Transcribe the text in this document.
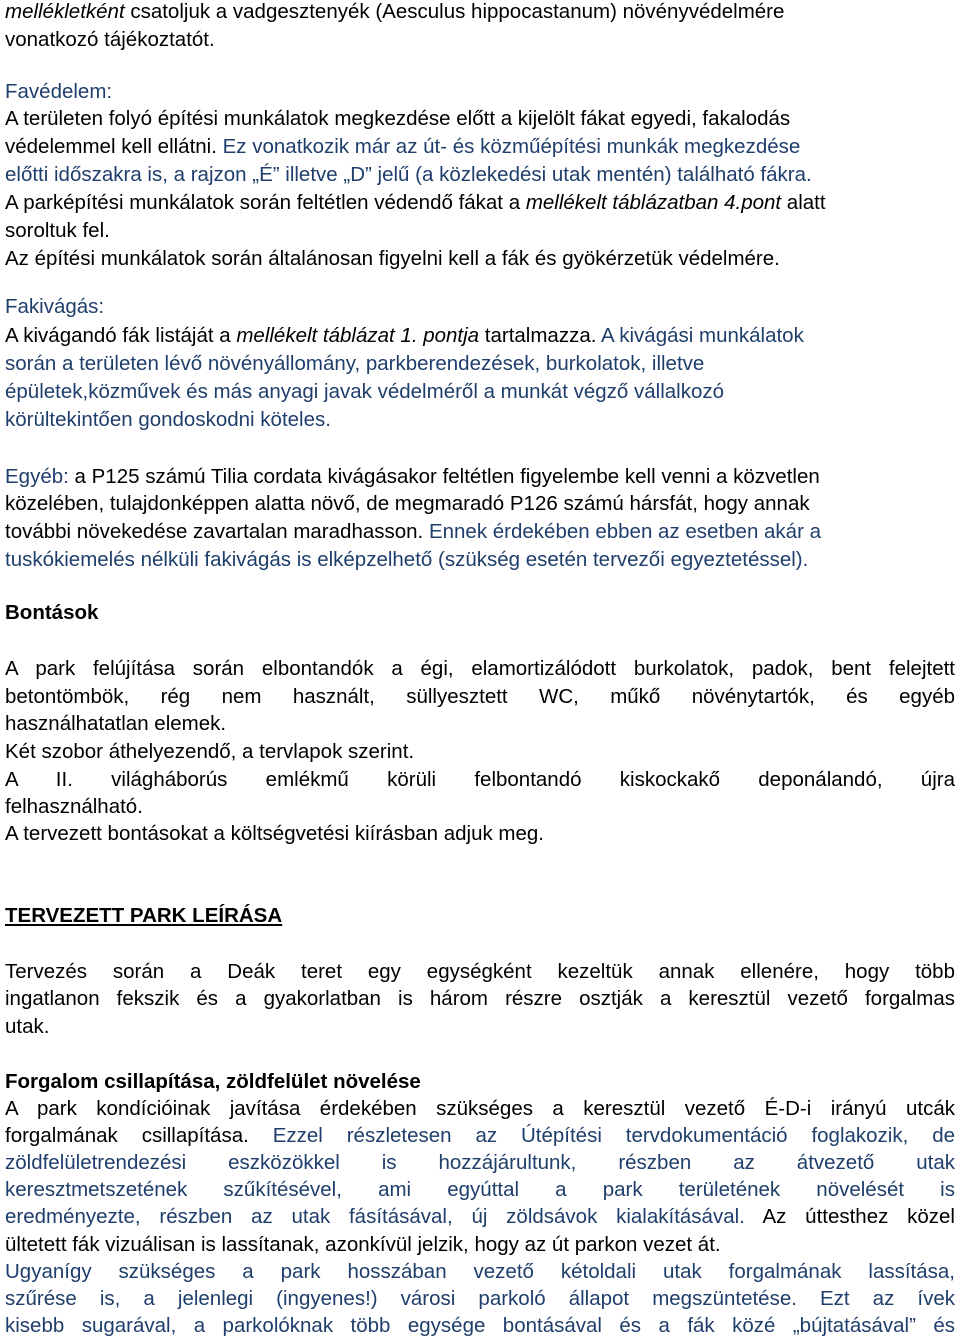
mellékletként csatoljuk a vadgesztenyék (Aesculus hippocastanum) növényvédelmére
vonatkozó tájékoztatót.
Favédelem:
A területen folyó építési munkálatok megkezdése előtt a kijelölt fákat egyedi, fakalodás
védelemmel kell ellátni. Ez vonatkozik már az út- és közműépítési munkák megkezdése
előtti időszakra is, a rajzon „É” illetve „D” jelű (a közlekedési utak mentén) található fákra.
A parképítési munkálatok során feltétlen védendő fákat a mellékelt táblázatban 4.pont alatt
soroltuk fel.
Az építési munkálatok során általánosan figyelni kell a fák és gyökérzetük védelmére.
Fakivágás:
A kivágandó fák listáját a mellékelt táblázat 1. pontja tartalmazza. A kivágási munkálatok
során a területen lévő növényállomány, parkberendezések, burkolatok, illetve
épületek,közművek és más anyagi javak védelméről a munkát végző vállalkozó
körültekintően gondoskodni köteles.
Egyéb: a P125 számú Tilia cordata kivágásakor feltétlen figyelembe kell venni a közvetlen
közelében, tulajdonképpen alatta növő, de megmaradó P126 számú hársfát, hogy annak
további növekedése zavartalan maradhasson. Ennek érdekében ebben az esetben akár a
tuskókiemelés nélküli fakivágás is elképzelhető (szükség esetén tervezői egyeztetéssel).
Bontások
A park felújítása során elbontandók a égi, elamortizálódott burkolatok, padok, bent felejtett
betontömbök, rég nem használt, süllyesztett WC, műkő növénytartók, és egyéb
használhatatlan elemek.
Két szobor áthelyezendő, a tervlapok szerint.
A II. világháborús emlékmű körüli felbontandó kiskockakő deponálandó, újra
felhasználható.
A tervezett bontásokat a költségvetési kiírásban adjuk meg.
TERVEZETT PARK LEÍRÁSA
Tervezés során a Deák teret egy egységként kezeltük annak ellenére, hogy több
ingatlanon fekszik és a gyakorlatban is három részre osztják a keresztül vezető forgalmas
utak.
Forgalom csillapítása, zöldfelület növelése
A park kondícióinak javítása érdekében szükséges a keresztül vezető É-D-i irányú utcák
forgalmának csillapítása. Ezzel részletesen az Útépítési tervdokumentáció foglakozik, de
zöldfelületrendezési eszközökkel is hozzájárultunk, részben az átvezető utak
keresztmetszetének szűkítésével, ami egyúttal a park területének növelését is
eredményezte, részben az utak fásításával, új zöldsávok kialakításával. Az úttesthez közel
ültetett fák vizuálisan is lassítanak, azonkívül jelzik, hogy az út parkon vezet át.
Ugyanígy szükséges a park hosszában vezető kétoldali utak forgalmának lassítása,
szűrése is, a jelenlegi (ingyenes!) városi parkoló állapot megszüntetése. Ezt az ívek
kisebb sugarával, a parkolóknak több egysége bontásával és a fák közé „bújtatásával” és
